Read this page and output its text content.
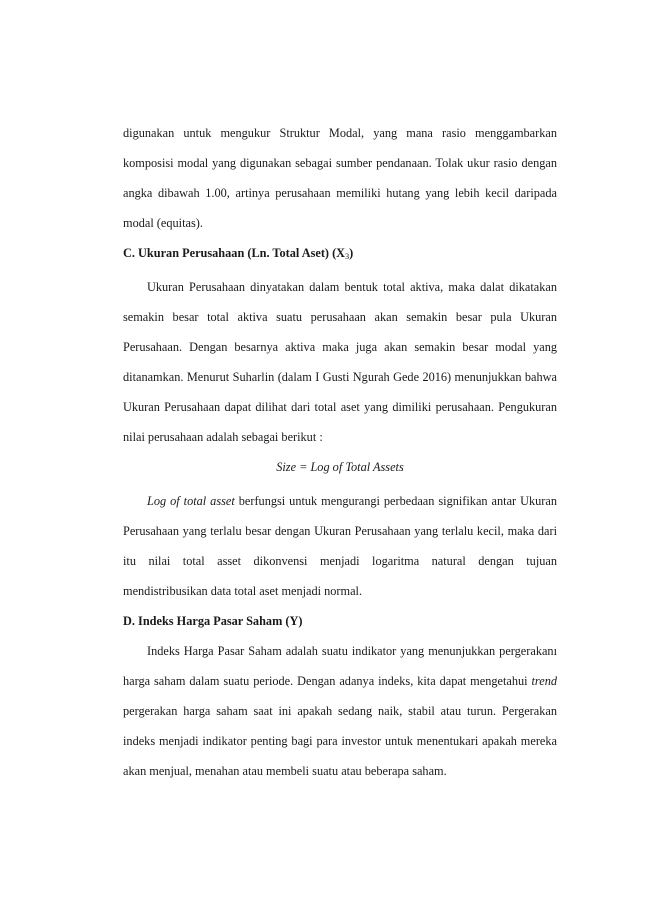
digunakan untuk mengukur Struktur Modal, yang mana rasio menggambarkan komposisi modal yang digunakan sebagai sumber pendanaan. Tolak ukur rasio dengan angka dibawah 1.00, artinya perusahaan memiliki hutang yang lebih kecil daripada modal (equitas).

C. Ukuran Perusahaan (Ln. Total Aset) $(X_3)$

Ukuran Perusahaan dinyatakan dalam bentuk total aktiva, maka dalat dikatakan semakin besar total aktiva suatu perusahaan akan semakin besar pula Ukuran Perusahaan. Dengan besarnya aktiva maka juga akan semakin besar modal yang ditanamkan. Menurut Suharlin (dalam I Gusti Ngurah Gede 2016) menunjukkan bahwa Ukuran Perusahaan dapat dilihat dari total aset yang dimiliki perusahaan. Pengukuran nilai perusahaan adalah sebagai berikut :

Size = Log of Total Assets

Log of total asset berfungsi untuk mengurangi perbedaan signifikan antar Ukuran Perusahaan yang terlalu besar dengan Ukuran Perusahaan yang terlalu kecil, maka dari itu nilai total asset dikonvensi menjadi logaritma natural dengan tujuan mendistribusikan data total aset menjadi normal.

D. Indeks Harga Pasar Saham (Y)

Indeks Harga Pasar Saham adalah suatu indikator yang menunjukkan pergerakanı harga saham dalam suatu periode. Dengan adanya indeks, kita dapat mengetahui trend pergerakan harga saham saat ini apakah sedang naik, stabil atau turun. Pergerakan indeks menjadi indikator penting bagi para investor untuk menentukari apakah mereka akan menjual, menahan atau membeli suatu atau beberapa saham.
